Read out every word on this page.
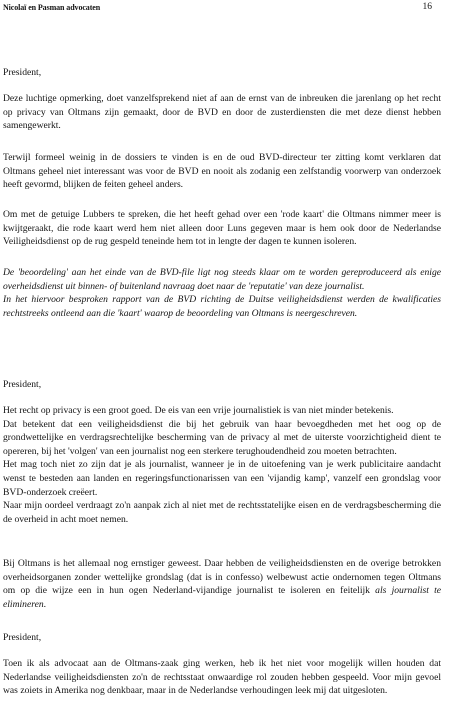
Nicolaï en Pasman advocaten	16
President,

Deze luchtige opmerking, doet vanzelfsprekend niet af aan de ernst van de inbreuken die jarenlang op het recht op privacy van Oltmans zijn gemaakt, door de BVD en door de zusterdiensten die met deze dienst hebben samengewerkt.

Terwijl formeel weinig in de dossiers te vinden is en de oud BVD-directeur ter zitting komt verklaren dat Oltmans geheel niet interessant was voor de BVD en nooit als zodanig een zelfstandig voorwerp van onderzoek heeft gevormd, blijken de feiten geheel anders.

Om met de getuige Lubbers te spreken, die het heeft gehad over een 'rode kaart' die Oltmans nimmer meer is kwijtgeraakt, die rode kaart werd hem niet alleen door Luns gegeven maar is hem ook door de Nederlandse Veiligheidsdienst op de rug gespeld teneinde hem tot in lengte der dagen te kunnen isoleren.

De 'beoordeling' aan het einde van de BVD-file ligt nog steeds klaar om te worden gereproduceerd als enige overheidsdienst uit binnen- of buitenland navraag doet naar de 'reputatie' van deze journalist.

In het hiervoor besproken rapport van de BVD richting de Duitse veiligheidsdienst werden de kwalificaties rechtstreeks ontleend aan die 'kaart' waarop de beoordeling van Oltmans is neergeschreven.

President,

Het recht op privacy is een groot goed. De eis van een vrije journalistiek is van niet minder betekenis.

Dat betekent dat een veiligheidsdienst die bij het gebruik van haar bevoegdheden met het oog op de grondwettelijke en verdragsrechtelijke bescherming van de privacy al met de uiterste voorzichtigheid dient te opereren, bij het 'volgen' van een journalist nog een sterkere terughoudendheid zou moeten betrachten.

Het mag toch niet zo zijn dat je als journalist, wanneer je in de uitoefening van je werk publicitaire aandacht wenst te besteden aan landen en regeringsfunctionarissen van een 'vijandig kamp', vanzelf een grondslag voor BVD-onderzoek creëert.

Naar mijn oordeel verdraagt zo'n aanpak zich al niet met de rechtsstatelijke eisen en de verdragsbescherming die de overheid in acht moet nemen.

Bij Oltmans is het allemaal nog ernstiger geweest. Daar hebben de veiligheidsdiensten en de overige betrokken overheidsorganen zonder wettelijke grondslag (dat is in confesso) welbewust actie ondernomen tegen Oltmans om op die wijze een in hun ogen Nederland-vijandige journalist te isoleren en feitelijk als journalist te elimineren.

President,

Toen ik als advocaat aan de Oltmans-zaak ging werken, heb ik het niet voor mogelijk willen houden dat Nederlandse veiligheidsdiensten zo'n de rechtsstaat onwaardige rol zouden hebben gespeeld. Voor mijn gevoel was zoiets in Amerika nog denkbaar, maar in de Nederlandse verhoudingen leek mij dat uitgesloten.
